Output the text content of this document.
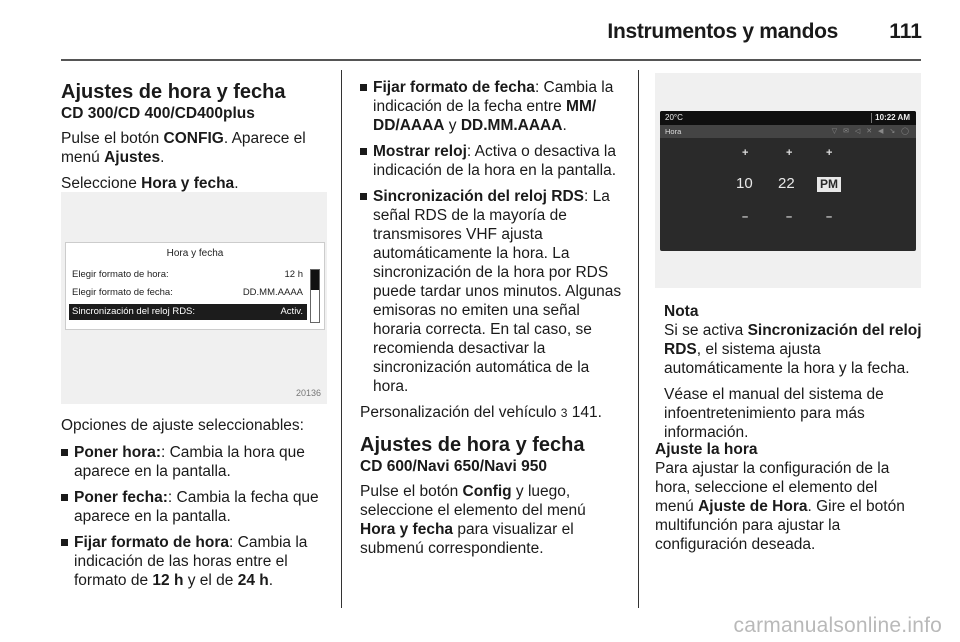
Instrumentos y mandos 111
Ajustes de hora y fecha
CD 300/CD 400/CD400plus

Pulse el botón CONFIG. Aparece el menú Ajustes.

Seleccione Hora y fecha.

Hora y fecha
Elegir formato de hora:	12 h
Elegir formato de fecha:	DD.MM.AAAA
Sincronización del reloj RDS:	Activ.
20136

Opciones de ajuste seleccionables:

Poner hora:: Cambia la hora que aparece en la pantalla.
Poner fecha:: Cambia la fecha que aparece en la pantalla.
Fijar formato de hora: Cambia la indicación de las horas entre el formato de 12 h y el de 24 h.
Fijar formato de fecha: Cambia la indicación de la fecha entre MM/ DD/AAAA y DD.MM.AAAA.
Mostrar reloj: Activa o desactiva la indicación de la hora en la pantalla.
Sincronización del reloj RDS: La señal RDS de la mayoría de transmisores VHF ajusta automáticamente la hora. La sincronización de la hora por RDS puede tardar unos minutos. Algunas emisoras no emiten una señal horaria correcta. En tal caso, se recomienda desactivar la sincronización automática de la hora.

Personalización del vehículo 3 141.

Ajustes de hora y fecha
CD 600/Navi 650/Navi 950

Pulse el botón Config y luego, seleccione el elemento del menú Hora y fecha para visualizar el submenú correspondiente.

20°C	10:22 AM
Hora	▽ ✉ ◁ ✕ ◀ ↘ ◯
+	+	+
10 22 PM
–	–	–
Nota

Si se activa Sincronización del reloj RDS, el sistema ajusta automáticamente la hora y la fecha.

Véase el manual del sistema de infoentretenimiento para más información.

Ajuste la hora

Para ajustar la configuración de la hora, seleccione el elemento del menú Ajuste de Hora. Gire el botón multifunción para ajustar la configuración deseada.

carmanualsonline.info
